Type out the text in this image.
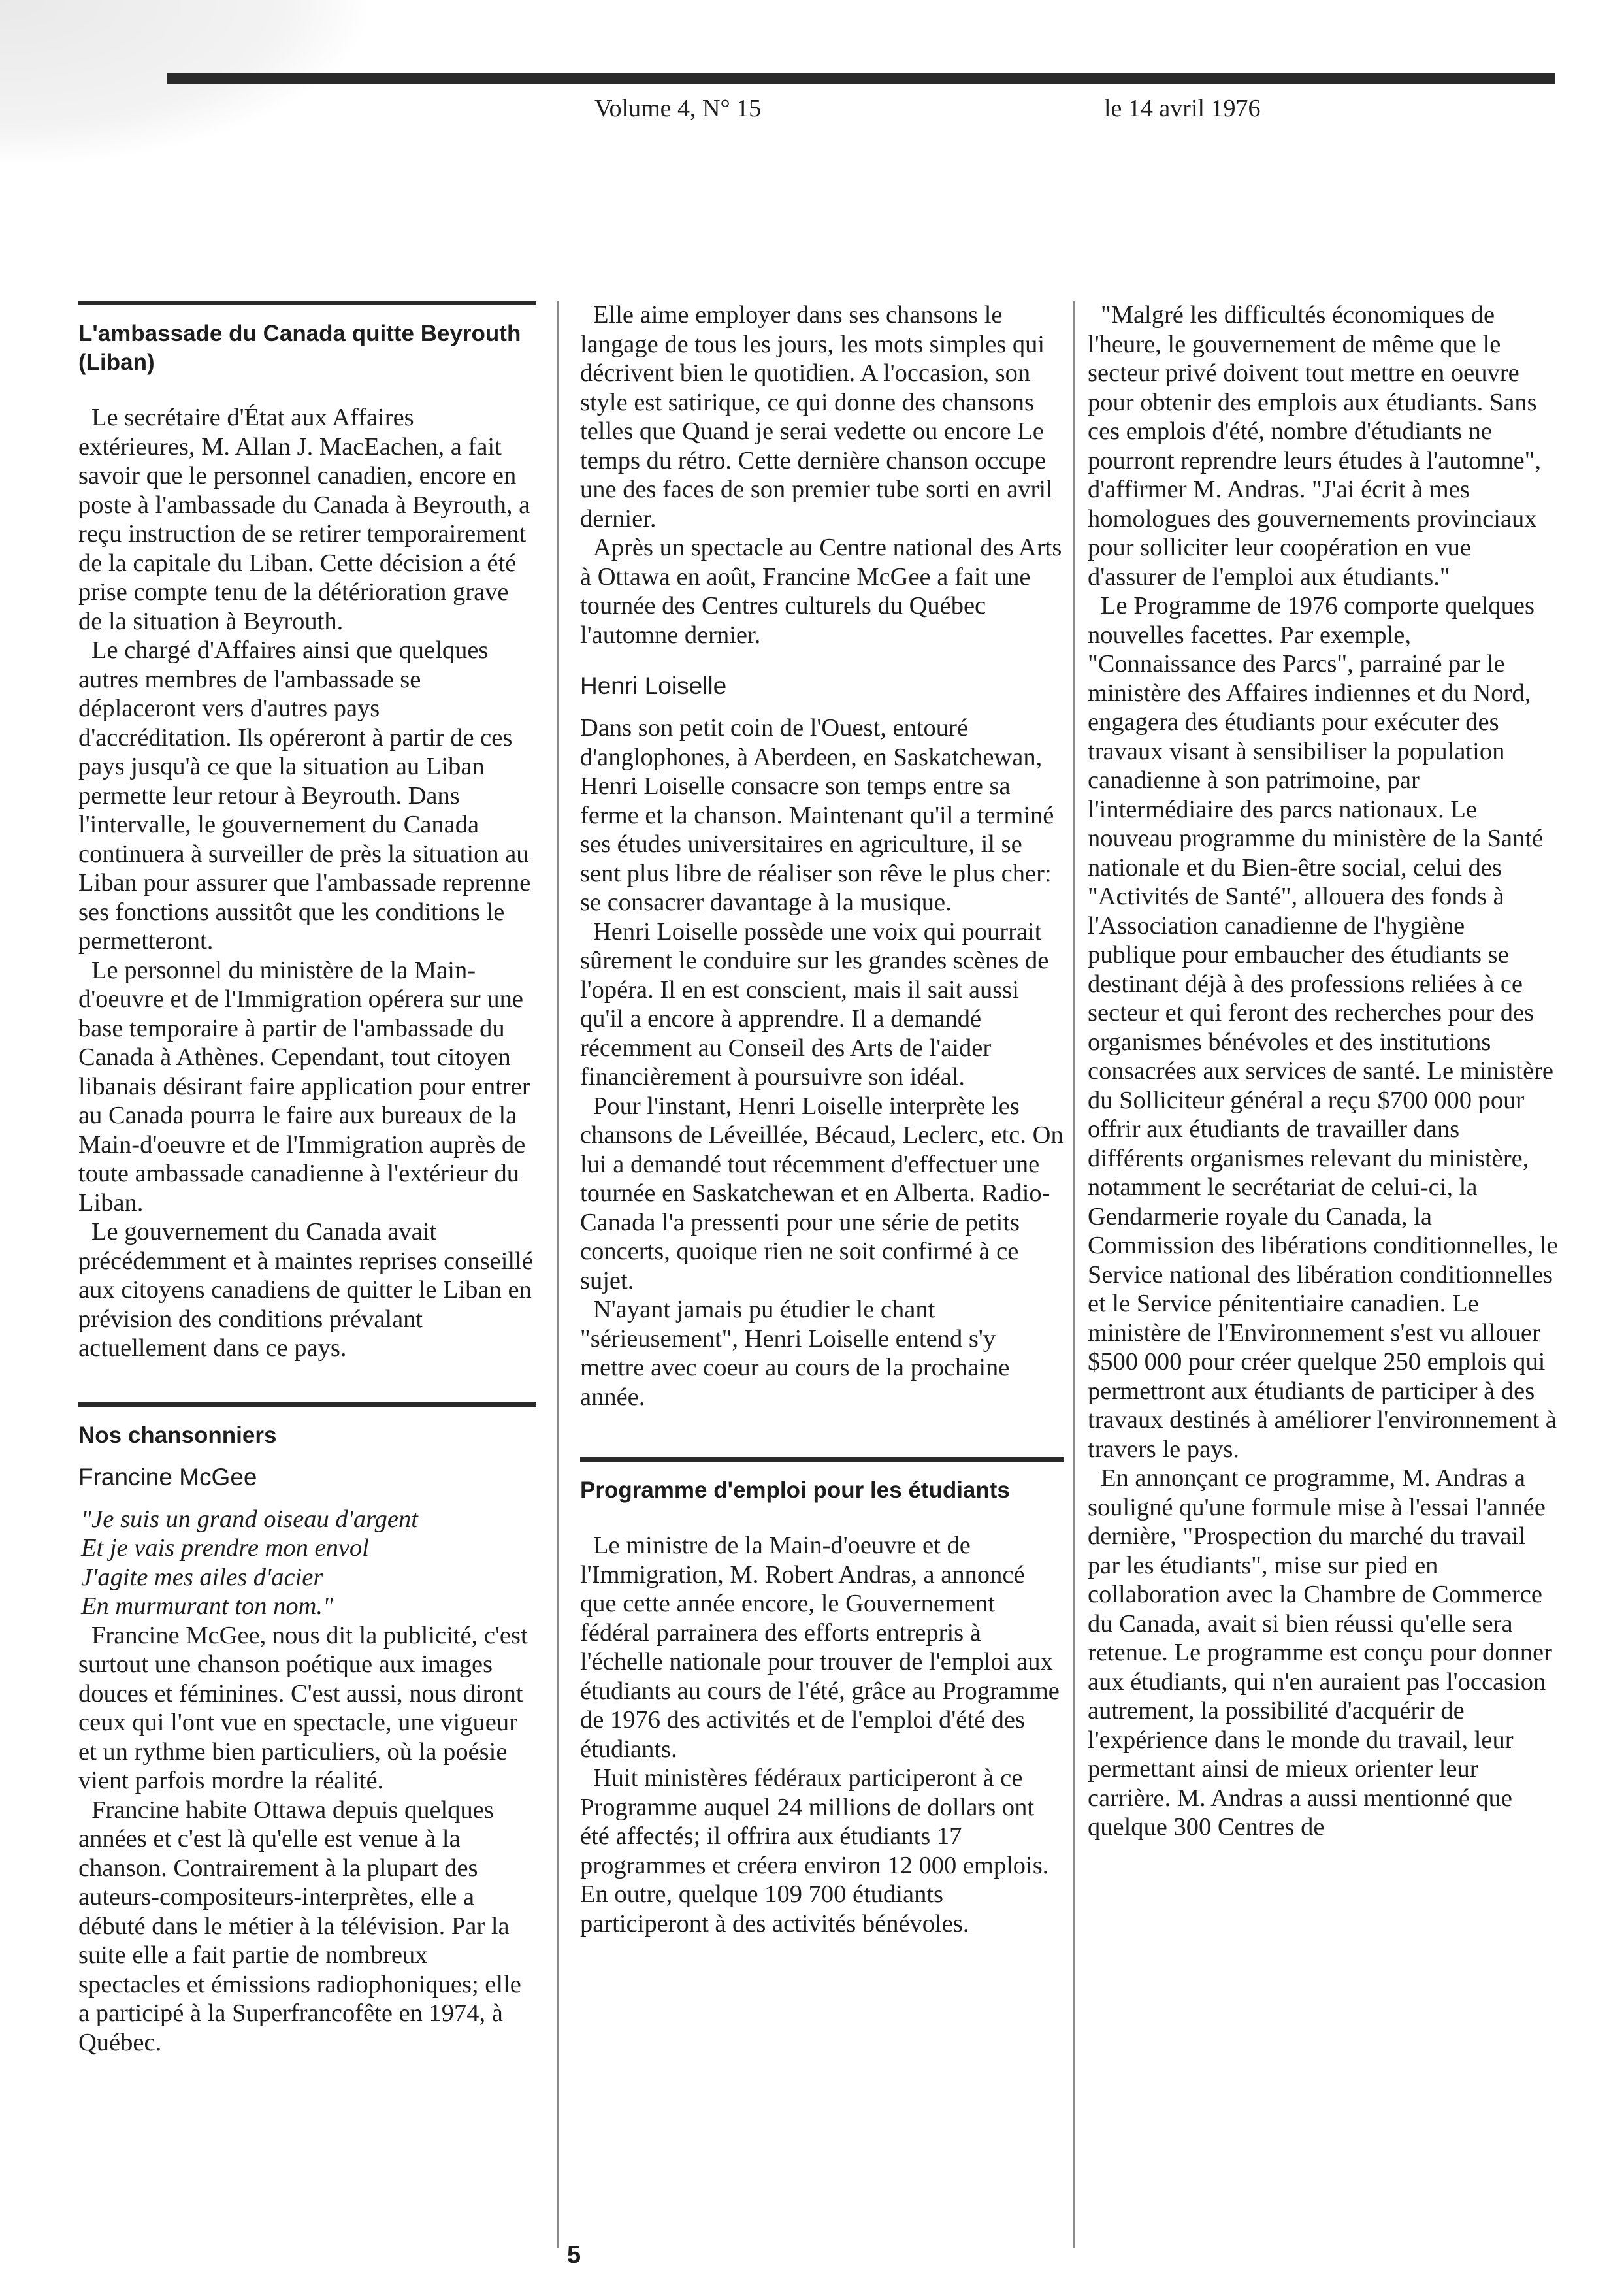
Volume 4, N° 15	le 14 avril 1976
L'ambassade du Canada quitte Beyrouth (Liban)

Le secrétaire d'État aux Affaires extérieures, M. Allan J. MacEachen, a fait savoir que le personnel canadien, encore en poste à l'ambassade du Canada à Beyrouth, a reçu instruction de se retirer temporairement de la capitale du Liban. Cette décision a été prise compte tenu de la détérioration grave de la situation à Beyrouth.

Le chargé d'Affaires ainsi que quelques autres membres de l'ambassade se déplaceront vers d'autres pays d'accréditation. Ils opéreront à partir de ces pays jusqu'à ce que la situation au Liban permette leur retour à Beyrouth. Dans l'intervalle, le gouvernement du Canada continuera à surveiller de près la situation au Liban pour assurer que l'ambassade reprenne ses fonctions aussitôt que les conditions le permetteront.

Le personnel du ministère de la Main-d'oeuvre et de l'Immigration opérera sur une base temporaire à partir de l'ambassade du Canada à Athènes. Cependant, tout citoyen libanais désirant faire application pour entrer au Canada pourra le faire aux bureaux de la Main-d'oeuvre et de l'Immigration auprès de toute ambassade canadienne à l'extérieur du Liban.

Le gouvernement du Canada avait précédemment et à maintes reprises conseillé aux citoyens canadiens de quitter le Liban en prévision des conditions prévalant actuellement dans ce pays.

Nos chansonniers
Francine McGee
"Je suis un grand oiseau d'argent
Et je vais prendre mon envol
J'agite mes ailes d'acier
En murmurant ton nom."

Francine McGee, nous dit la publicité, c'est surtout une chanson poétique aux images douces et féminines. C'est aussi, nous diront ceux qui l'ont vue en spectacle, une vigueur et un rythme bien particuliers, où la poésie vient parfois mordre la réalité.

Francine habite Ottawa depuis quelques années et c'est là qu'elle est venue à la chanson. Contrairement à la plupart des auteurs-compositeurs-interprètes, elle a débuté dans le métier à la télévision. Par la suite elle a fait partie de nombreux spectacles et émissions radiophoniques; elle a participé à la Superfrancofête en 1974, à Québec.

Elle aime employer dans ses chansons le langage de tous les jours, les mots simples qui décrivent bien le quotidien. A l'occasion, son style est satirique, ce qui donne des chansons telles que Quand je serai vedette ou encore Le temps du rétro. Cette dernière chanson occupe une des faces de son premier tube sorti en avril dernier.

Après un spectacle au Centre national des Arts à Ottawa en août, Francine McGee a fait une tournée des Centres culturels du Québec l'automne dernier.

Henri Loiselle

Dans son petit coin de l'Ouest, entouré d'anglophones, à Aberdeen, en Saskatchewan, Henri Loiselle consacre son temps entre sa ferme et la chanson. Maintenant qu'il a terminé ses études universitaires en agriculture, il se sent plus libre de réaliser son rêve le plus cher: se consacrer davantage à la musique.

Henri Loiselle possède une voix qui pourrait sûrement le conduire sur les grandes scènes de l'opéra. Il en est conscient, mais il sait aussi qu'il a encore à apprendre. Il a demandé récemment au Conseil des Arts de l'aider financièrement à poursuivre son idéal.

Pour l'instant, Henri Loiselle interprète les chansons de Léveillée, Bécaud, Leclerc, etc. On lui a demandé tout récemment d'effectuer une tournée en Saskatchewan et en Alberta. Radio-Canada l'a pressenti pour une série de petits concerts, quoique rien ne soit confirmé à ce sujet.

N'ayant jamais pu étudier le chant "sérieusement", Henri Loiselle entend s'y mettre avec coeur au cours de la prochaine année.

Programme d'emploi pour les étudiants

Le ministre de la Main-d'oeuvre et de l'Immigration, M. Robert Andras, a annoncé que cette année encore, le Gouvernement fédéral parrainera des efforts entrepris à l'échelle nationale pour trouver de l'emploi aux étudiants au cours de l'été, grâce au Programme de 1976 des activités et de l'emploi d'été des étudiants.

Huit ministères fédéraux participeront à ce Programme auquel 24 millions de dollars ont été affectés; il offrira aux étudiants 17 programmes et créera environ 12 000 emplois. En outre, quelque 109 700 étudiants participeront à des activités bénévoles.

"Malgré les difficultés économiques de l'heure, le gouvernement de même que le secteur privé doivent tout mettre en oeuvre pour obtenir des emplois aux étudiants. Sans ces emplois d'été, nombre d'étudiants ne pourront reprendre leurs études à l'automne", d'affirmer M. Andras. "J'ai écrit à mes homologues des gouvernements provinciaux pour solliciter leur coopération en vue d'assurer de l'emploi aux étudiants."

Le Programme de 1976 comporte quelques nouvelles facettes. Par exemple, "Connaissance des Parcs", parrainé par le ministère des Affaires indiennes et du Nord, engagera des étudiants pour exécuter des travaux visant à sensibiliser la population canadienne à son patrimoine, par l'intermédiaire des parcs nationaux. Le nouveau programme du ministère de la Santé nationale et du Bien-être social, celui des "Activités de Santé", allouera des fonds à l'Association canadienne de l'hygiène publique pour embaucher des étudiants se destinant déjà à des professions reliées à ce secteur et qui feront des recherches pour des organismes bénévoles et des institutions consacrées aux services de santé. Le ministère du Solliciteur général a reçu $700 000 pour offrir aux étudiants de travailler dans différents organismes relevant du ministère, notamment le secrétariat de celui-ci, la Gendarmerie royale du Canada, la Commission des libérations conditionnelles, le Service national des libération conditionnelles et le Service pénitentiaire canadien. Le ministère de l'Environnement s'est vu allouer $500 000 pour créer quelque 250 emplois qui permettront aux étudiants de participer à des travaux destinés à améliorer l'environnement à travers le pays.

En annonçant ce programme, M. Andras a souligné qu'une formule mise à l'essai l'année dernière, "Prospection du marché du travail par les étudiants", mise sur pied en collaboration avec la Chambre de Commerce du Canada, avait si bien réussi qu'elle sera retenue. Le programme est conçu pour donner aux étudiants, qui n'en auraient pas l'occasion autrement, la possibilité d'acquérir de l'expérience dans le monde du travail, leur permettant ainsi de mieux orienter leur carrière. M. Andras a aussi mentionné que quelque 300 Centres de

5
